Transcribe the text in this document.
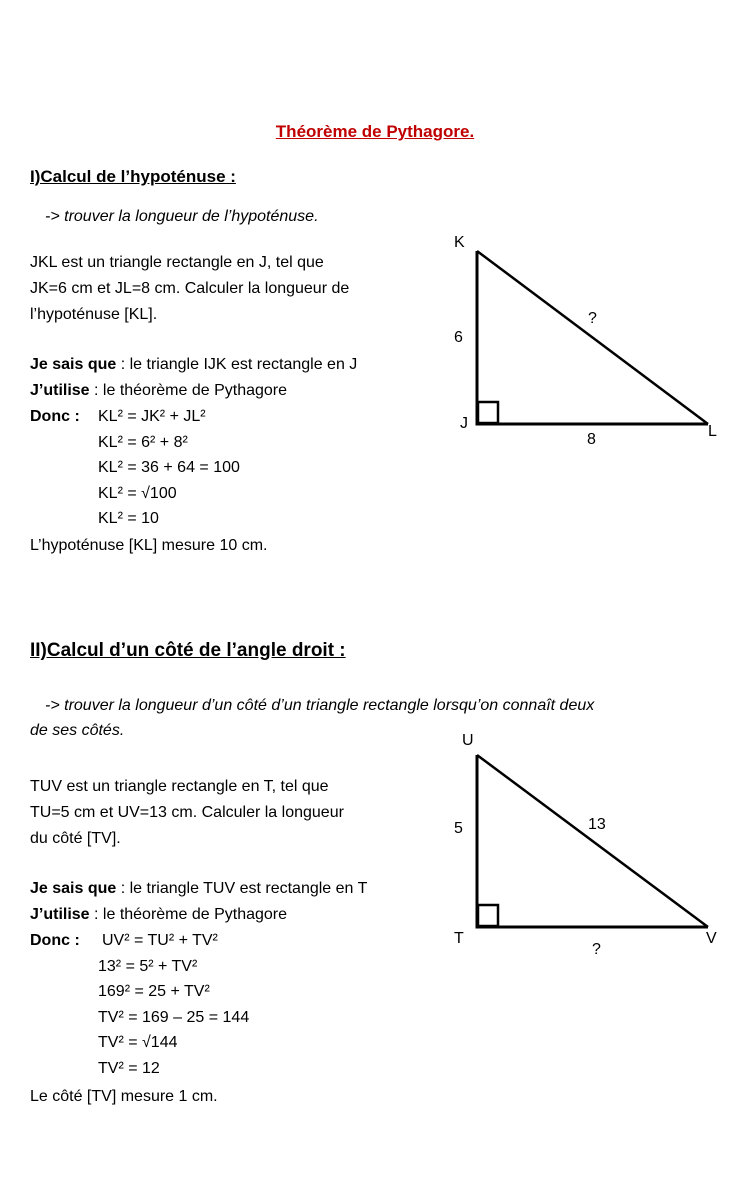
Théorème de Pythagore.
I)Calcul de l’hypoténuse :
-> trouver la longueur de l’hypoténuse.
JKL est un triangle rectangle en J, tel que
JK=6 cm et JL=8 cm. Calculer la longueur de
l’hypoténuse [KL].
Je sais que : le triangle IJK est rectangle en J
J’utilise : le théorème de Pythagore
Donc : KL² = JK² + JL²
KL² = 6² + 8²
KL² = 36 + 64 = 100
KL² = √100
KL² = 10
L’hypoténuse [KL] mesure 10 cm.
K
6
J	L
8
?
II)Calcul d’un côté de l’angle droit :
-> trouver la longueur d’un côté d’un triangle rectangle lorsqu’on connaît deux
de ses côtés.
TUV est un triangle rectangle en T, tel que
TU=5 cm et UV=13 cm. Calculer la longueur
du côté [TV].
Je sais que : le triangle TUV est rectangle en T
J’utilise : le théorème de Pythagore
Donc : UV² = TU² + TV²
13² = 5² + TV²
169² = 25 + TV²
TV² = 169 – 25 = 144
TV² = √144
TV² = 12
Le côté [TV] mesure 1 cm.
U
5
T	V
?
13
